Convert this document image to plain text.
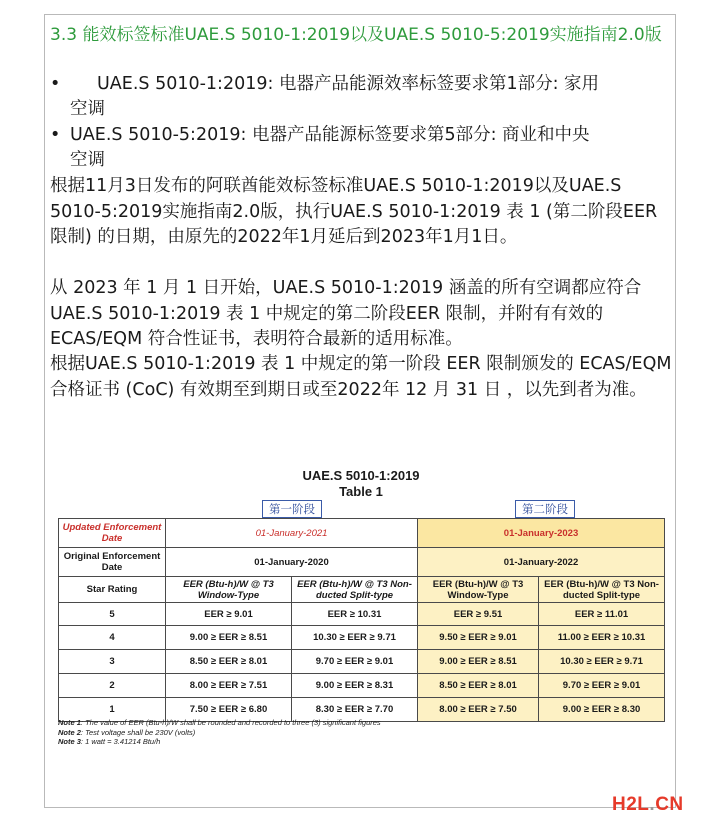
3.3 能效标签标准UAE.S 5010-1:2019以及UAE.S 5010-5:2019实施指南2.0版
•	UAE.S 5010-1:2019: 电器产品能源效率标签要求第1部分: 家用
空调
• UAE.S 5010-5:2019: 电器产品能源标签要求第5部分: 商业和中央
空调
根据11月3日发布的阿联酋能效标签标准UAE.S 5010-1:2019以及UAE.S 5010-5:2019实施指南2.0版，执行UAE.S 5010-1:2019 表 1 (第二阶段EER限制) 的日期，由原先的2022年1月延后到2023年1月1日。
从 2023 年 1 月 1 日开始，UAE.S 5010-1:2019 涵盖的所有空调都应符合UAE.S 5010-1:2019 表 1 中规定的第二阶段EER 限制，并附有有效的 ECAS/EQM 符合性证书，表明符合最新的适用标准。
根据UAE.S 5010-1:2019 表 1 中规定的第一阶段 EER 限制颁发的 ECAS/EQM 合格证书 (CoC) 有效期至到期日或至2022年 12 月 31 日 ，以先到者为准。
UAE.S 5010-1:2019
Table 1
第一阶段	第二阶段
Updated Enforcement Date	01-January-2021		01-January-2023	
Original Enforcement Date	01-January-2020		01-January-2022	
Star Rating	EER (Btu-h)/W @ T3 Window-Type	EER (Btu-h)/W @ T3 Non-ducted Split-type	EER (Btu-h)/W @ T3 Window-Type	EER (Btu-h)/W @ T3 Non-ducted Split-type
5	EER ≥ 9.01	EER ≥ 10.31	EER ≥ 9.51	EER ≥ 11.01
4	9.00 ≥ EER ≥ 8.51	10.30 ≥ EER ≥ 9.71	9.50 ≥ EER ≥ 9.01	11.00 ≥ EER ≥ 10.31
3	8.50 ≥ EER ≥ 8.01	9.70 ≥ EER ≥ 9.01	9.00 ≥ EER ≥ 8.51	10.30 ≥ EER ≥ 9.71
2	8.00 ≥ EER ≥ 7.51	9.00 ≥ EER ≥ 8.31	8.50 ≥ EER ≥ 8.01	9.70 ≥ EER ≥ 9.01
1	7.50 ≥ EER ≥ 6.80	8.30 ≥ EER ≥ 7.70	8.00 ≥ EER ≥ 7.50	9.00 ≥ EER ≥ 8.30
Note 1: The value of EER (Btu-h)/W shall be rounded and recorded to three (3) significant figures
Note 2: Test voltage shall be 230V (volts)
Note 3: 1 watt = 3.41214 Btu/h
H2L.CN
